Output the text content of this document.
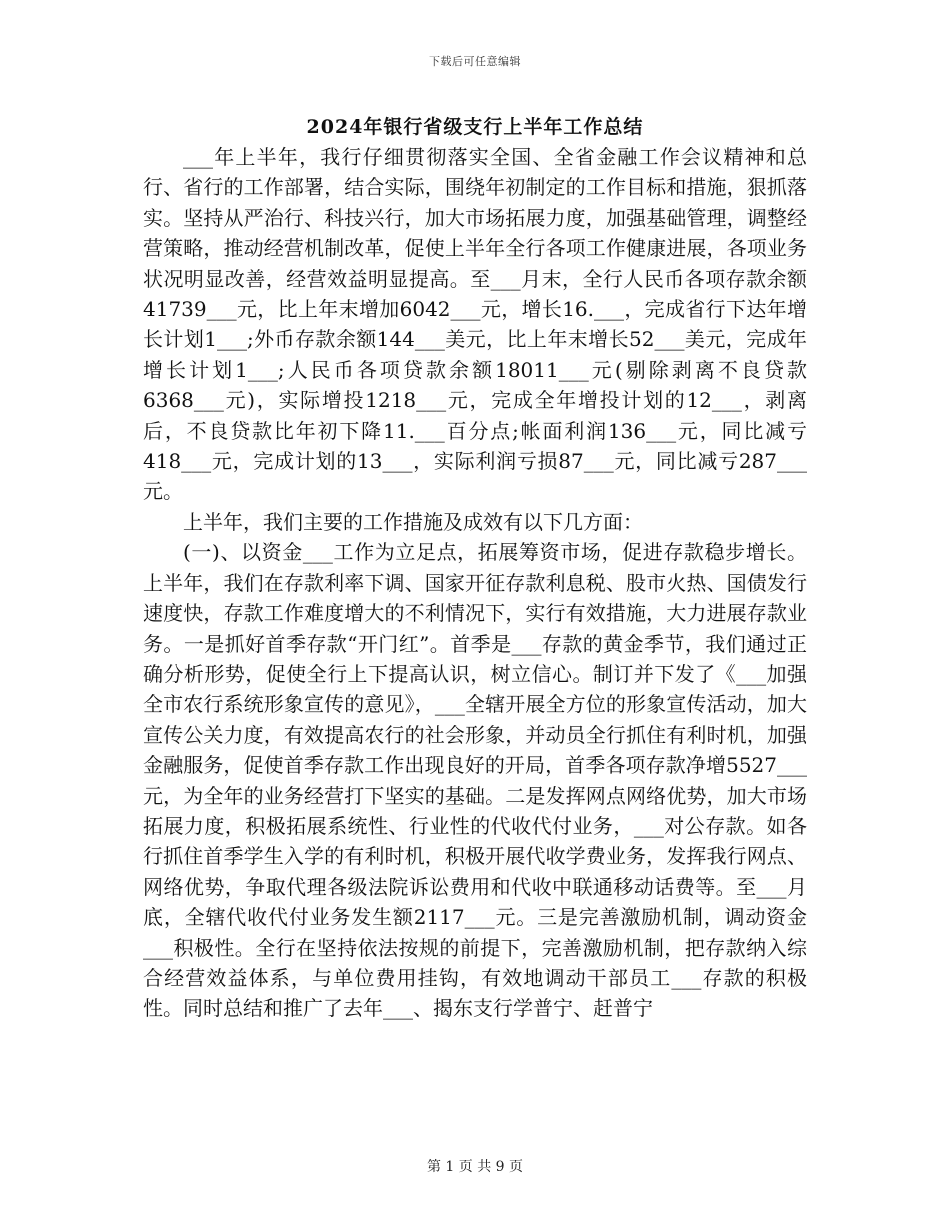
下载后可任意编辑
2024年银行省级支行上半年工作总结

___年上半年，我行仔细贯彻落实全国、全省金融工作会议精神和总行、省行的工作部署，结合实际，围绕年初制定的工作目标和措施，狠抓落实。坚持从严治行、科技兴行，加大市场拓展力度，加强基础管理，调整经营策略，推动经营机制改革，促使上半年全行各项工作健康进展，各项业务状况明显改善，经营效益明显提高。至___月末，全行人民币各项存款余额41739___元，比上年末增加6042___元，增长16.___，完成省行下达年增长计划1___;外币存款余额144___美元，比上年末增长52___美元，完成年增长计划1___;人民币各项贷款余额18011___元(剔除剥离不良贷款6368___元)，实际增投1218___元，完成全年增投计划的12___，剥离后，不良贷款比年初下降11.___百分点;帐面利润136___元，同比减亏418___元，完成计划的13___，实际利润亏损87___元，同比减亏287___元。

上半年，我们主要的工作措施及成效有以下几方面：

(一)、以资金___工作为立足点，拓展筹资市场，促进存款稳步增长。上半年，我们在存款利率下调、国家开征存款利息税、股市火热、国债发行速度快，存款工作难度增大的不利情况下，实行有效措施，大力进展存款业务。一是抓好首季存款“开门红”。首季是___存款的黄金季节，我们通过正确分析形势，促使全行上下提高认识，树立信心。制订并下发了《___加强全市农行系统形象宣传的意见》，___全辖开展全方位的形象宣传活动，加大宣传公关力度，有效提高农行的社会形象，并动员全行抓住有利时机，加强金融服务，促使首季存款工作出现良好的开局，首季各项存款净增5527___元，为全年的业务经营打下坚实的基础。二是发挥网点网络优势，加大市场拓展力度，积极拓展系统性、行业性的代收代付业务，___对公存款。如各行抓住首季学生入学的有利时机，积极开展代收学费业务，发挥我行网点、网络优势，争取代理各级法院诉讼费用和代收中联通移动话费等。至___月底，全辖代收代付业务发生额2117___元。三是完善激励机制，调动资金___积极性。全行在坚持依法按规的前提下，完善激励机制，把存款纳入综合经营效益体系，与单位费用挂钩，有效地调动干部员工___存款的积极性。同时总结和推广了去年___、揭东支行学普宁、赶普宁

第 1 页 共 9 页
